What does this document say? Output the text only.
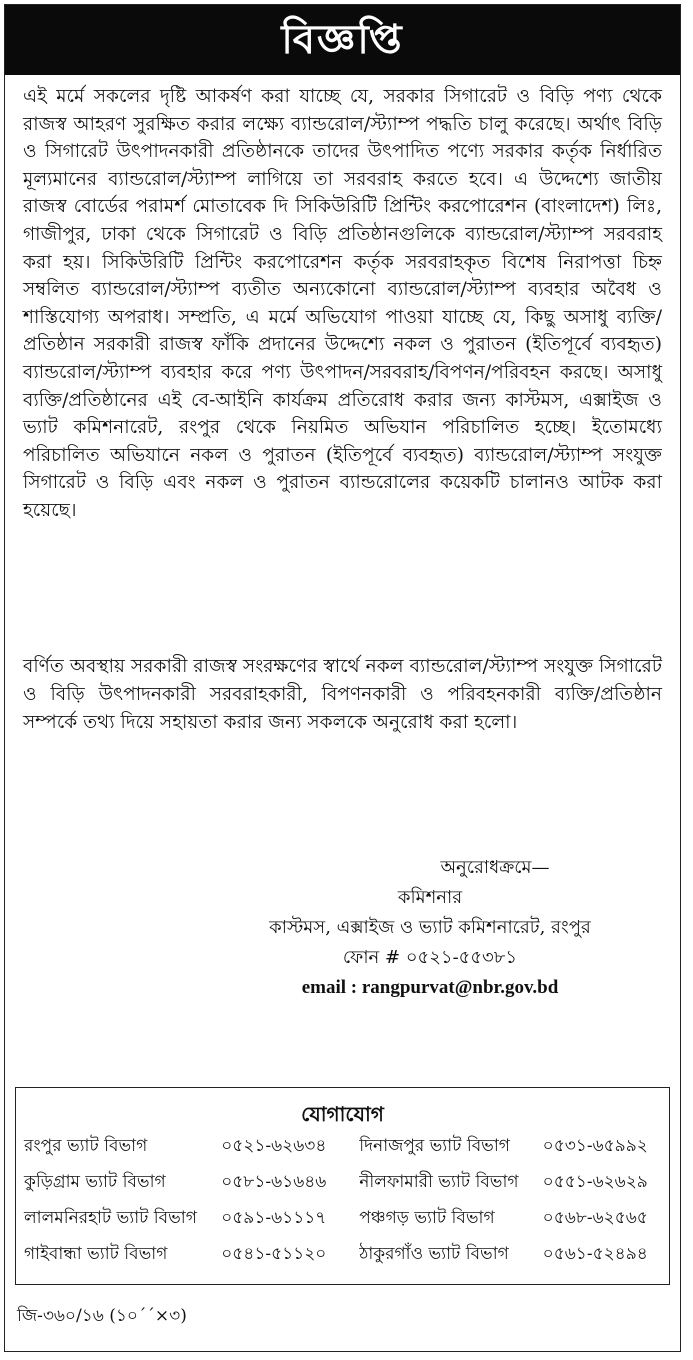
বিজ্ঞপ্তি

এই মর্মে সকলের দৃষ্টি আকর্ষণ করা যাচ্ছে যে, সরকার সিগারেট ও বিড়ি পণ্য থেকে রাজস্ব আহরণ সুরক্ষিত করার লক্ষ্যে ব্যান্ডরোল/স্ট্যাম্প পদ্ধতি চালু করেছে। অর্থাৎ বিড়ি ও সিগারেট উৎপাদনকারী প্রতিষ্ঠানকে তাদের উৎপাদিত পণ্যে সরকার কর্তৃক নির্ধারিত মূল্যমানের ব্যান্ডরোল/স্ট্যাম্প লাগিয়ে তা সরবরাহ করতে হবে। এ উদ্দেশ্যে জাতীয় রাজস্ব বোর্ডের পরামর্শ মোতাবেক দি সিকিউরিটি প্রিন্টিং করপোরেশন (বাংলাদেশ) লিঃ, গাজীপুর, ঢাকা থেকে সিগারেট ও বিড়ি প্রতিষ্ঠানগুলিকে ব্যান্ডরোল/স্ট্যাম্প সরবরাহ করা হয়। সিকিউরিটি প্রিন্টিং করপোরেশন কর্তৃক সরবরাহকৃত বিশেষ নিরাপত্তা চিহ্ন সম্বলিত ব্যান্ডরোল/স্ট্যাম্প ব্যতীত অন্যকোনো ব্যান্ডরোল/স্ট্যাম্প ব্যবহার অবৈধ ও শাস্তিযোগ্য অপরাধ। সম্প্রতি, এ মর্মে অভিযোগ পাওয়া যাচ্ছে যে, কিছু অসাধু ব্যক্তি/প্রতিষ্ঠান সরকারী রাজস্ব ফাঁকি প্রদানের উদ্দেশ্যে নকল ও পুরাতন (ইতিপূর্বে ব্যবহৃত) ব্যান্ডরোল/স্ট্যাম্প ব্যবহার করে পণ্য উৎপাদন/সরবরাহ/বিপণন/পরিবহন করছে। অসাধু ব্যক্তি/প্রতিষ্ঠানের এই বে-আইনি কার্যক্রম প্রতিরোধ করার জন্য কাস্টমস, এক্সাইজ ও ভ্যাট কমিশনারেট, রংপুর থেকে নিয়মিত অভিযান পরিচালিত হচ্ছে। ইতোমধ্যে পরিচালিত অভিযানে নকল ও পুরাতন (ইতিপূর্বে ব্যবহৃত) ব্যান্ডরোল/স্ট্যাম্প সংযুক্ত সিগারেট ও বিড়ি এবং নকল ও পুরাতন ব্যান্ডরোলের কয়েকটি চালানও আটক করা হয়েছে।

বর্ণিত অবস্থায় সরকারী রাজস্ব সংরক্ষণের স্বার্থে নকল ব্যান্ডরোল/স্ট্যাম্প সংযুক্ত সিগারেট ও বিড়ি উৎপাদনকারী সরবরাহকারী, বিপণনকারী ও পরিবহনকারী ব্যক্তি/প্রতিষ্ঠান সম্পর্কে তথ্য দিয়ে সহায়তা করার জন্য সকলকে অনুরোধ করা হলো।

অনুরোধক্রমে—
কমিশনার
কাস্টমস, এক্সাইজ ও ভ্যাট কমিশনারেট, রংপুর
ফোন # ০৫২১-৫৫৩৮১
email : rangpurvat@nbr.gov.bd
যোগাযোগ
রংপুর ভ্যাট বিভাগ	০৫২১-৬২৬৩৪	দিনাজপুর ভ্যাট বিভাগ	০৫৩১-৬৫৯৯২
কুড়িগ্রাম ভ্যাট বিভাগ	০৫৮১-৬১৬৪৬	নীলফামারী ভ্যাট বিভাগ	০৫৫১-৬২৬২৯
লালমনিরহাট ভ্যাট বিভাগ	০৫৯১-৬১১১৭	পঞ্চগড় ভ্যাট বিভাগ	০৫৬৮-৬২৫৬৫
গাইবান্ধা ভ্যাট বিভাগ	০৫৪১-৫১১২০	ঠাকুরগাঁও ভ্যাট বিভাগ	০৫৬১-৫২৪৯৪
জি-৩৬০/১৬ (১০´´×৩)
